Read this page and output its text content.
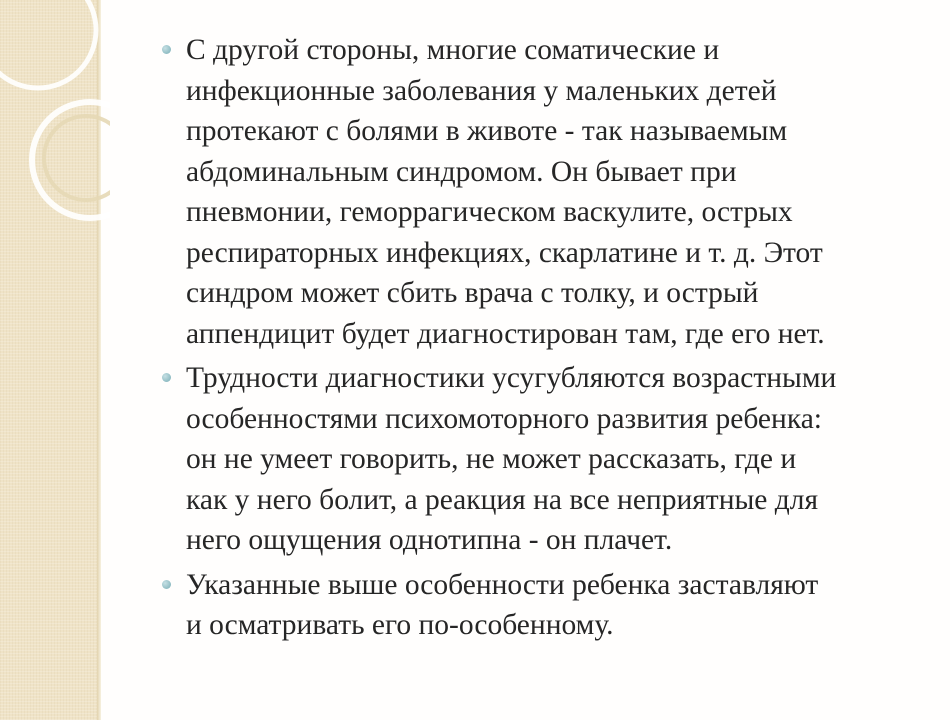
С другой стороны, многие соматические и
инфекционные заболевания у маленьких детей
протекают с болями в животе - так называемым
абдоминальным синдромом. Он бывает при
пневмонии, геморрагическом васкулите, острых
респираторных инфекциях, скарлатине и т. д. Этот
синдром может сбить врача с толку, и острый
аппендицит будет диагностирован там, где его нет.
Трудности диагностики усугубляются возрастными
особенностями психомоторного развития ребенка:
он не умеет говорить, не может рассказать, где и
как у него болит, а реакция на все неприятные для
него ощущения однотипна - он плачет.
Указанные выше особенности ребенка заставляют
и осматривать его по-особенному.
